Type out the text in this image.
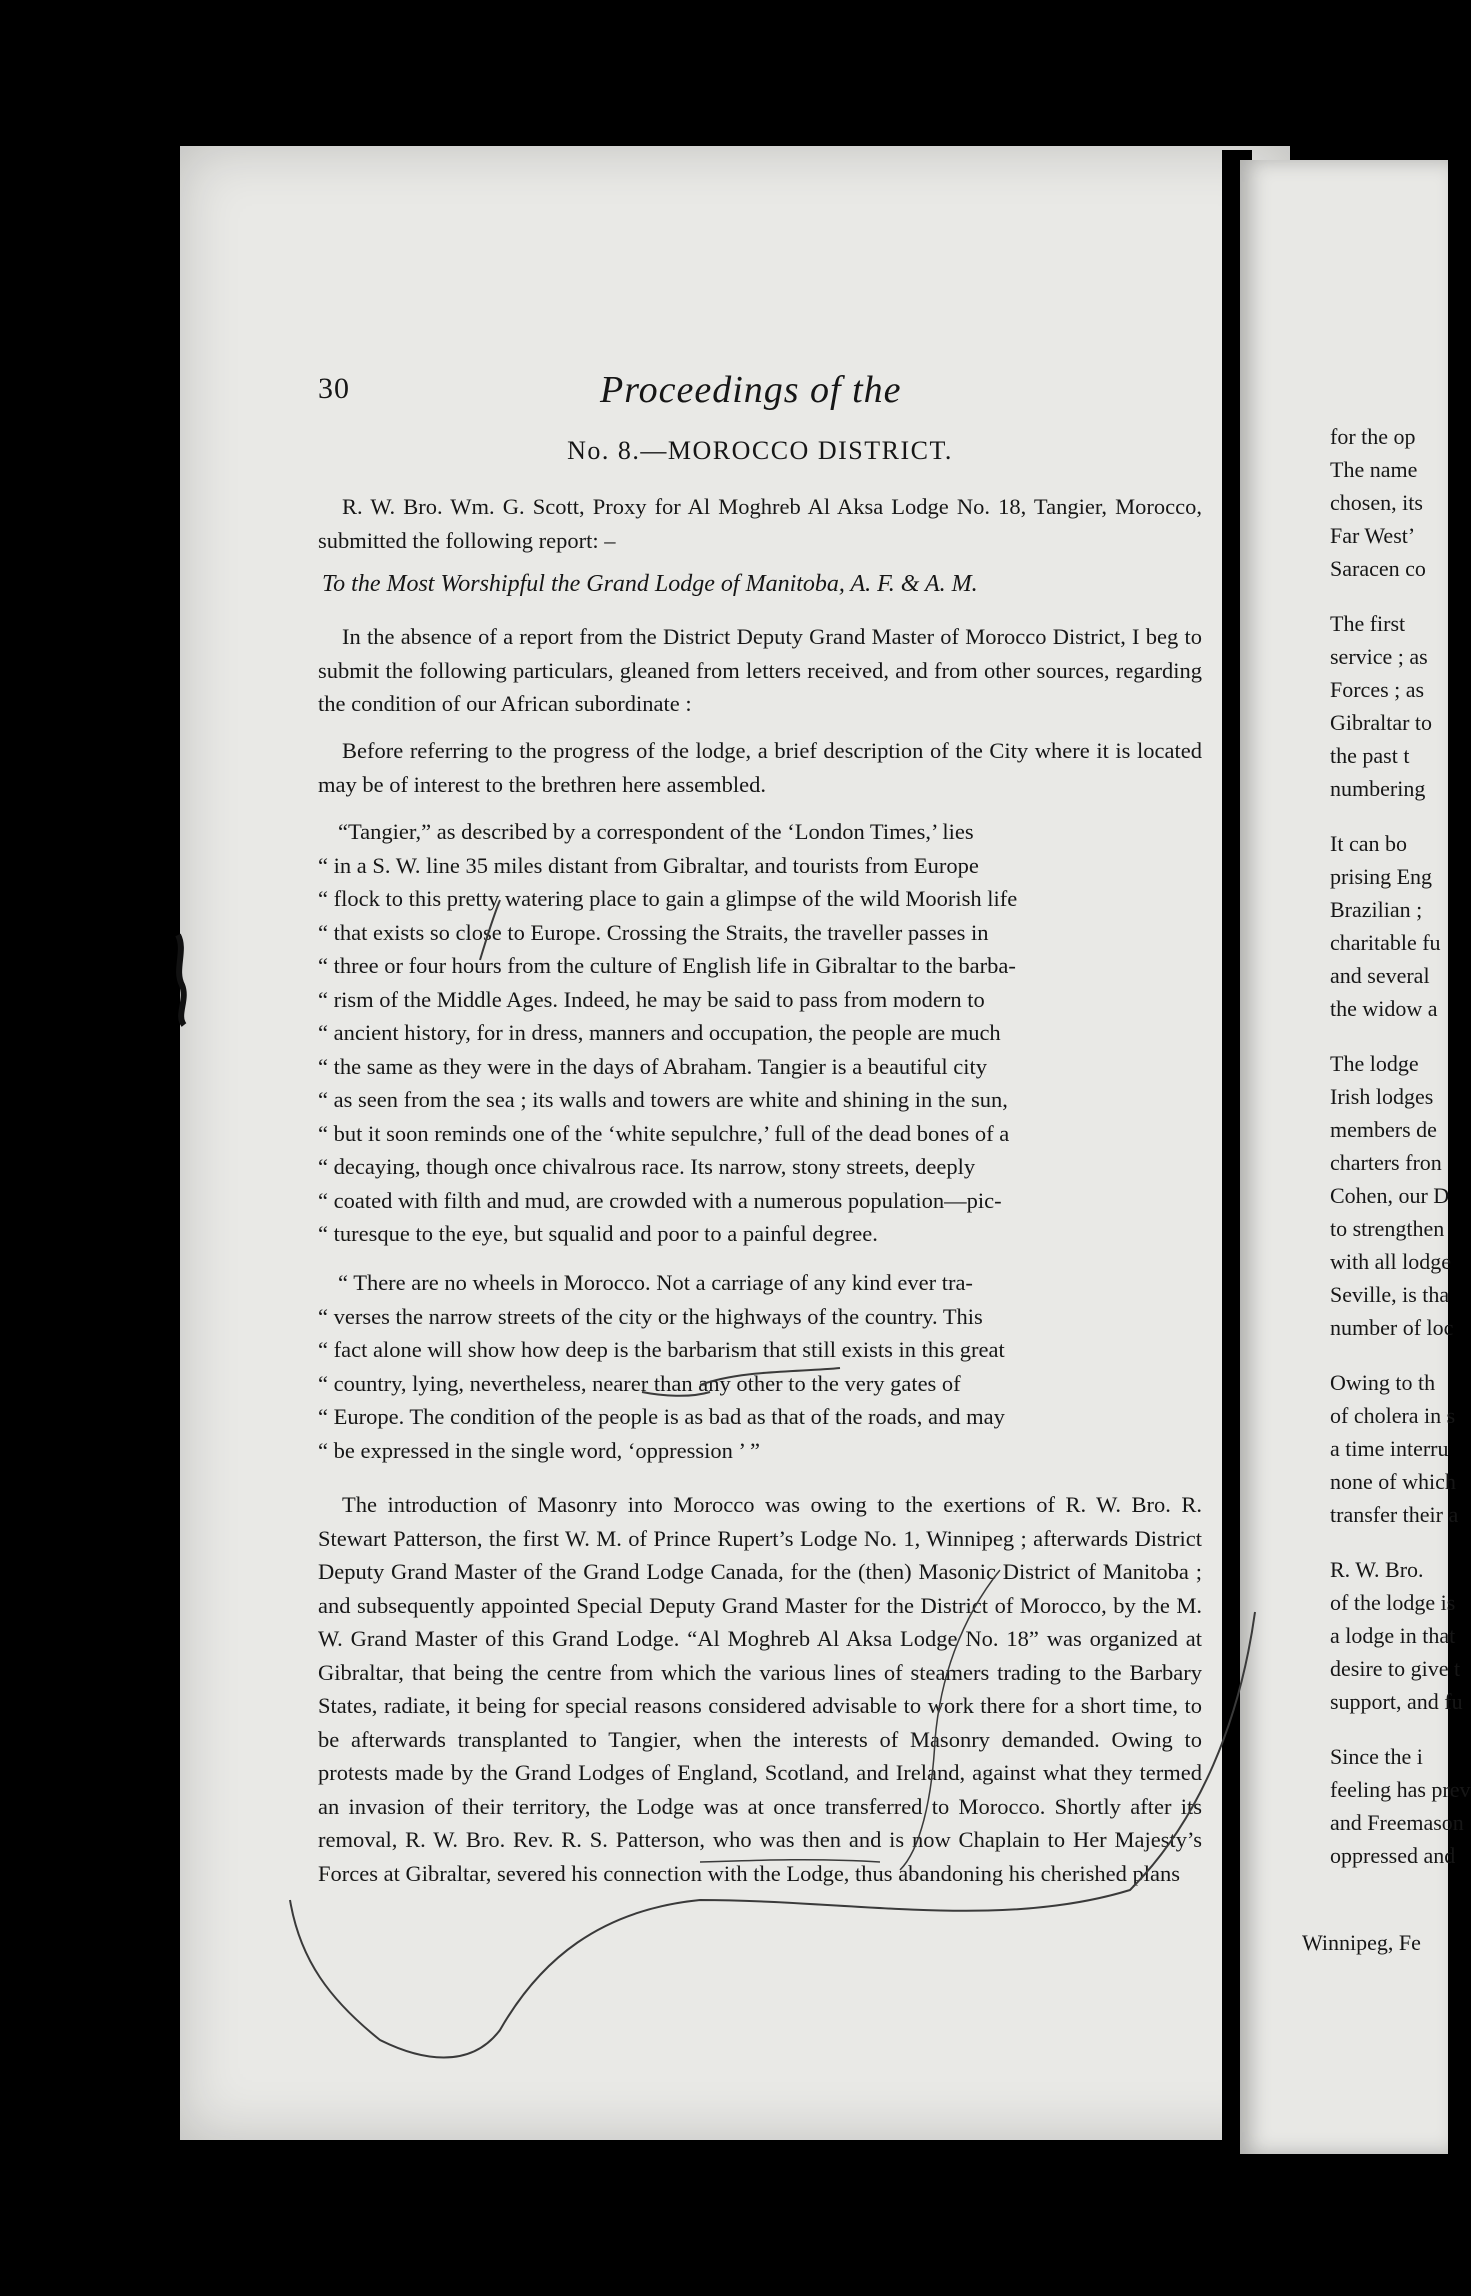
30	Proceedings of the
No. 8.—MOROCCO DISTRICT.

R. W. Bro. Wm. G. Scott, Proxy for Al Moghreb Al Aksa Lodge No. 18, Tangier, Morocco, submitted the following report: –

To the Most Worshipful the Grand Lodge of Manitoba, A. F. & A. M.

In the absence of a report from the District Deputy Grand Master of Morocco District, I beg to submit the following particulars, gleaned from letters received, and from other sources, regarding the condition of our African subordinate :

Before referring to the progress of the lodge, a brief description of the City where it is located may be of interest to the brethren here assembled.

“Tangier,” as described by a correspondent of the ‘London Times,’ lies

“ in a S. W. line 35 miles distant from Gibraltar, and tourists from Europe

“ flock to this pretty watering place to gain a glimpse of the wild Moorish life

“ that exists so close to Europe. Crossing the Straits, the traveller passes in

“ three or four hours from the culture of English life in Gibraltar to the barba-

“ rism of the Middle Ages. Indeed, he may be said to pass from modern to

“ ancient history, for in dress, manners and occupation, the people are much

“ the same as they were in the days of Abraham. Tangier is a beautiful city

“ as seen from the sea ; its walls and towers are white and shining in the sun,

“ but it soon reminds one of the ‘white sepulchre,’ full of the dead bones of a

“ decaying, though once chivalrous race. Its narrow, stony streets, deeply

“ coated with filth and mud, are crowded with a numerous population—pic-

“ turesque to the eye, but squalid and poor to a painful degree.

“ There are no wheels in Morocco. Not a carriage of any kind ever tra-

“ verses the narrow streets of the city or the highways of the country. This

“ fact alone will show how deep is the barbarism that still exists in this great

“ country, lying, nevertheless, nearer than any other to the very gates of

“ Europe. The condition of the people is as bad as that of the roads, and may

“ be expressed in the single word, ‘oppression ’ ”

The introduction of Masonry into Morocco was owing to the exertions of R. W. Bro. R. Stewart Patterson, the first W. M. of Prince Rupert’s Lodge No. 1, Winnipeg ; afterwards District Deputy Grand Master of the Grand Lodge Canada, for the (then) Masonic District of Manitoba ; and subsequently appointed Special Deputy Grand Master for the District of Morocco, by the M. W. Grand Master of this Grand Lodge. “Al Moghreb Al Aksa Lodge No. 18” was organized at Gibraltar, that being the centre from which the various lines of steamers trading to the Barbary States, radiate, it being for special reasons considered advisable to work there for a short time, to be afterwards transplanted to Tangier, when the interests of Masonry demanded. Owing to protests made by the Grand Lodges of England, Scotland, and Ireland, against what they termed an invasion of their territory, the Lodge was at once transferred to Morocco. Shortly after its removal, R. W. Bro. Rev. R. S. Patterson, who was then and is now Chaplain to Her Majesty’s Forces at Gibraltar, severed his connection with the Lodge, thus abandoning his cherished plans

for the op
The name
chosen, its
Far West’
Saracen co
The first
service ; as
Forces ; as
Gibraltar to
the past t
numbering
It can bo
prising Eng
Brazilian ;
charitable fu
and several
the widow a
The lodge
Irish lodges
members de
charters fron
Cohen, our D
to strengthen
with all lodge
Seville, is tha
number of loc
Owing to th
of cholera in s
a time interru
none of which
transfer their a
R. W. Bro.
of the lodge is
a lodge in that
desire to give t
support, and fu
Since the i
feeling has prev
and Freemason
oppressed and
Winnipeg, Fe
